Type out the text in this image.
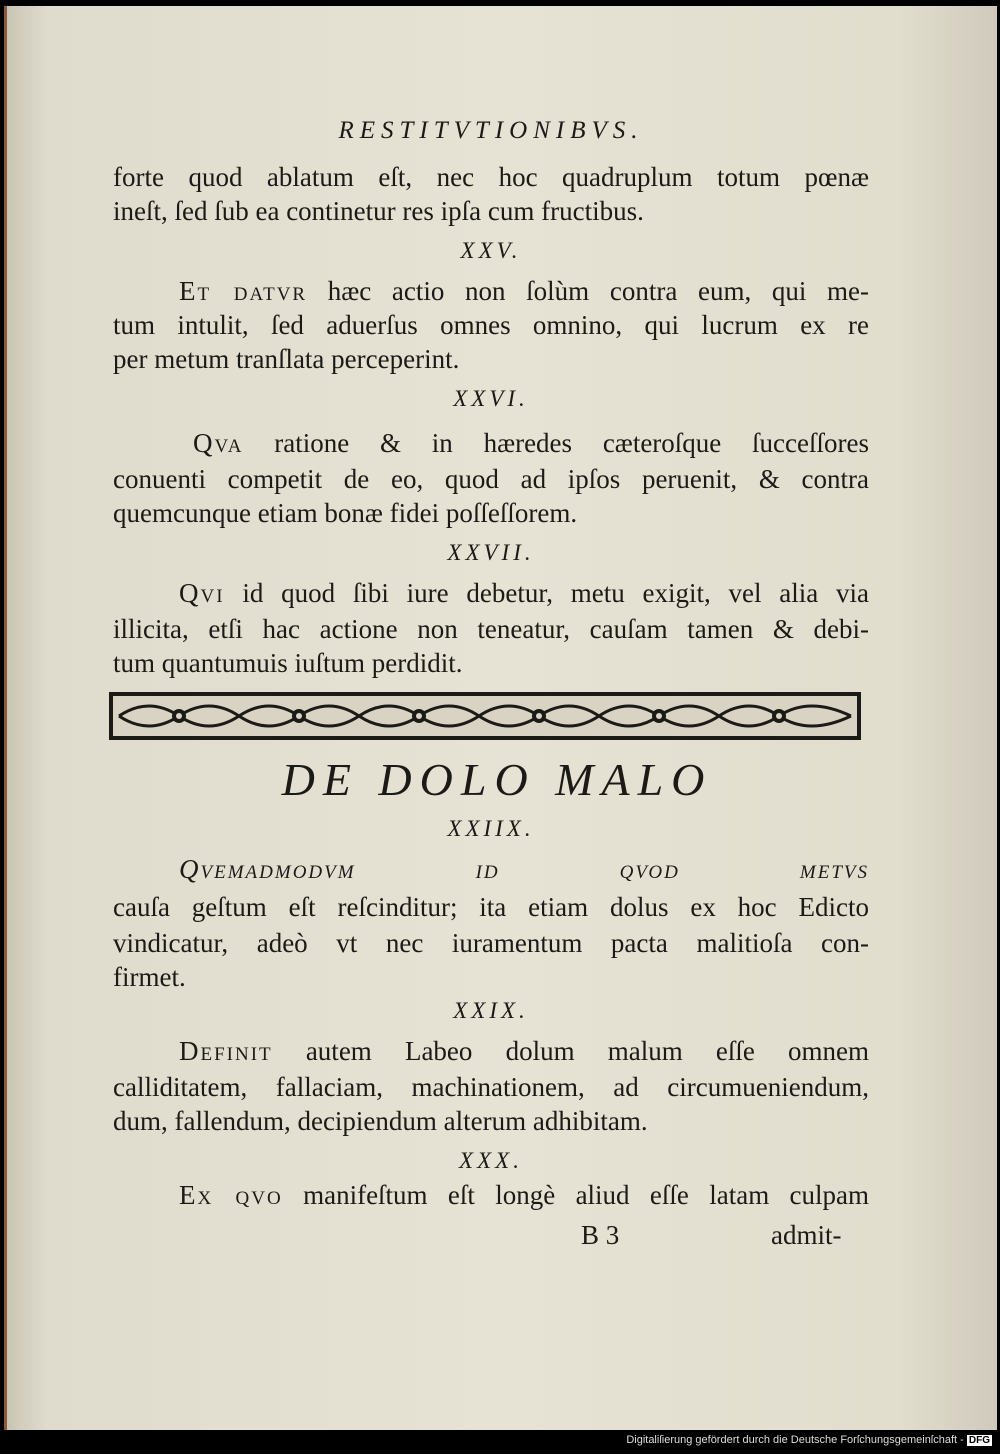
RESTITVTIONIBVS.
forte quod ablatum eſt, nec hoc quadruplum totum pœnæ
ineſt, ſed ſub ea continetur res ipſa cum fructibus.
XXV.
Et datvr hæc actio non ſolùm contra eum, qui me-
tum intulit, ſed aduerſus omnes omnino, qui lucrum ex re
per metum tranſlata perceperint.
XXVI.
Qva ratione & in hæredes cæteroſque ſucceſſores
conuenti competit de eo, quod ad ipſos peruenit, & contra
quemcunque etiam bonæ fidei poſſeſſorem.
XXVII.
Qvi id quod ſibi iure debetur, metu exigit, vel alia via
illicita, etſi hac actione non teneatur, cauſam tamen & debi-
tum quantumuis iuſtum perdidit.
DE DOLO MALO
XXIIX.
Qvemadmodvm id qvod metvs
cauſa geſtum eſt reſcinditur; ita etiam dolus ex hoc Edicto
vindicatur, adeò vt nec iuramentum pacta malitioſa con-
firmet.
XXIX.
Definit autem Labeo dolum malum eſſe omnem
calliditatem, fallaciam, machinationem, ad circumueniendum,
dum, fallendum, decipiendum alterum adhibitam.
XXX.
Ex qvo manifeſtum eſt longè aliud eſſe latam culpam
B 3	admit-
Digitaliſierung gefördert durch die Deutsche Forſchungsgemeinſchaft - DFG
